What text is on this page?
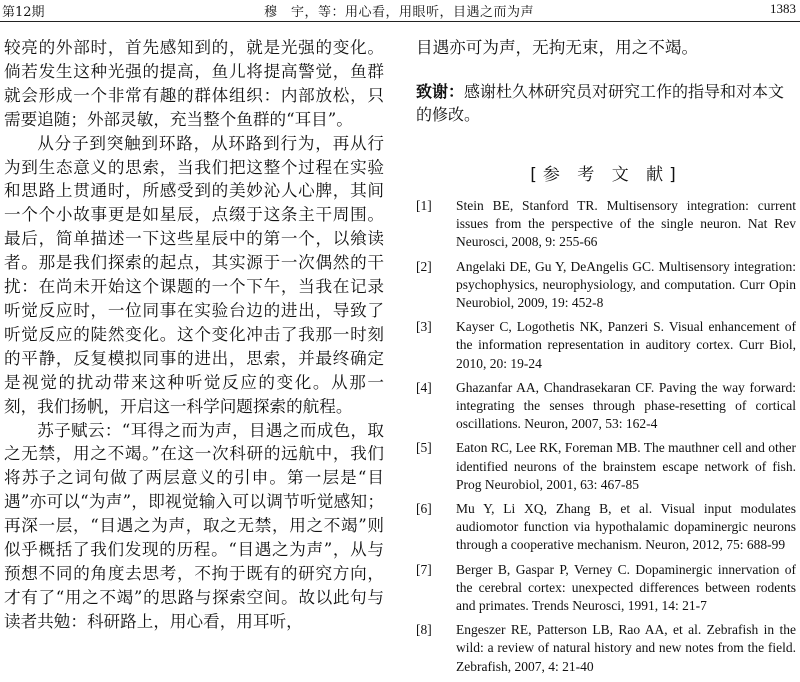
第12期	穆　宇，等：用心看，用眼听，目遇之而为声	1383

较亮的外部时，首先感知到的，就是光强的变化。倘若发生这种光强的提高，鱼儿将提高警觉，鱼群就会形成一个非常有趣的群体组织：内部放松，只需要追随；外部灵敏，充当整个鱼群的“耳目”。

从分子到突触到环路，从环路到行为，再从行为到生态意义的思索，当我们把这整个过程在实验和思路上贯通时，所感受到的美妙沁人心脾，其间一个个小故事更是如星辰，点缀于这条主干周围。最后，简单描述一下这些星辰中的第一个，以飨读者。那是我们探索的起点，其实源于一次偶然的干扰：在尚未开始这个课题的一个下午，当我在记录听觉反应时，一位同事在实验台边的进出，导致了听觉反应的陡然变化。这个变化冲击了我那一时刻的平静，反复模拟同事的进出，思索，并最终确定是视觉的扰动带来这种听觉反应的变化。从那一刻，我们扬帆，开启这一科学问题探索的航程。

苏子赋云：“耳得之而为声，目遇之而成色，取之无禁，用之不竭。”在这一次科研的远航中，我们将苏子之词句做了两层意义的引申。第一层是“目遇”亦可以“为声”，即视觉输入可以调节听觉感知；再深一层，“目遇之为声，取之无禁，用之不竭”则似乎概括了我们发现的历程。“目遇之为声”，从与预想不同的角度去思考，不拘于既有的研究方向，才有了“用之不竭”的思路与探索空间。故以此句与读者共勉：科研路上，用心看，用耳听，

目遇亦可为声，无拘无束，用之不竭。

致谢：感谢杜久林研究员对研究工作的指导和对本文的修改。

[参 考 文 献]
[1] Stein BE, Stanford TR. Multisensory integration: current issues from the perspective of the single neuron. Nat Rev Neurosci, 2008, 9: 255-66
[2] Angelaki DE, Gu Y, DeAngelis GC. Multisensory integration: psychophysics, neurophysiology, and computation. Curr Opin Neurobiol, 2009, 19: 452-8
[3] Kayser C, Logothetis NK, Panzeri S. Visual enhancement of the information representation in auditory cortex. Curr Biol, 2010, 20: 19-24
[4] Ghazanfar AA, Chandrasekaran CF. Paving the way forward: integrating the senses through phase-resetting of cortical oscillations. Neuron, 2007, 53: 162-4
[5] Eaton RC, Lee RK, Foreman MB. The mauthner cell and other identified neurons of the brainstem escape network of fish. Prog Neurobiol, 2001, 63: 467-85
[6] Mu Y, Li XQ, Zhang B, et al. Visual input modulates audiomotor function via hypothalamic dopaminergic neurons through a cooperative mechanism. Neuron, 2012, 75: 688-99
[7] Berger B, Gaspar P, Verney C. Dopaminergic innervation of the cerebral cortex: unexpected differences between rodents and primates. Trends Neurosci, 1991, 14: 21-7
[8] Engeszer RE, Patterson LB, Rao AA, et al. Zebrafish in the wild: a review of natural history and new notes from the field. Zebrafish, 2007, 4: 21-40
